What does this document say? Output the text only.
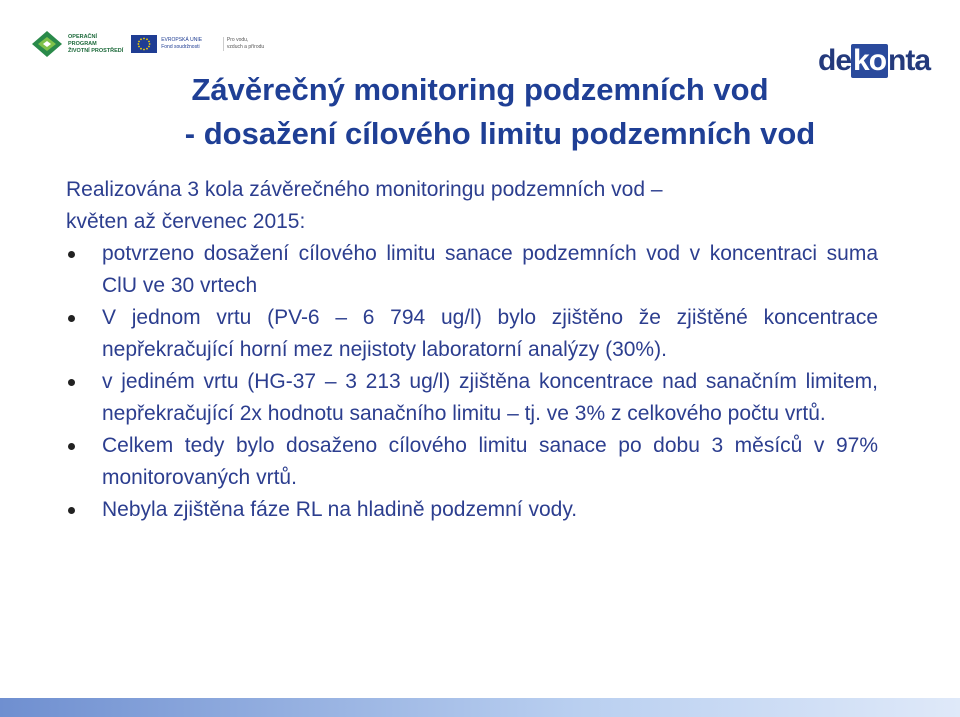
OPERAČNÍ PROGRAM
ŽIVOTNÍ PROSTŘEDÍ
EVROPSKÁ UNIE
Fond soudržnosti
Pro vodu,
vzduch a přírodu	de ko nta
Závěrečný monitoring podzemních vod
- dosažení cílového limitu podzemních vod

Realizována 3 kola závěrečného monitoringu podzemních vod –
květen až červenec 2015:

potvrzeno dosažení cílového limitu sanace podzemních vod v koncentraci suma ClU ve 30 vrtech
V jednom vrtu (PV-6 – 6 794 ug/l) bylo zjištěno že zjištěné koncentrace nepřekračující horní mez nejistoty laboratorní analýzy (30%).
v jediném vrtu (HG-37 – 3 213 ug/l) zjištěna koncentrace nad sanačním limitem, nepřekračující 2x hodnotu sanačního limitu – tj. ve 3% z celkového počtu vrtů.
Celkem tedy bylo dosaženo cílového limitu sanace po dobu 3 měsíců v 97% monitorovaných vrtů.
Nebyla zjištěna fáze RL na hladině podzemní vody.
